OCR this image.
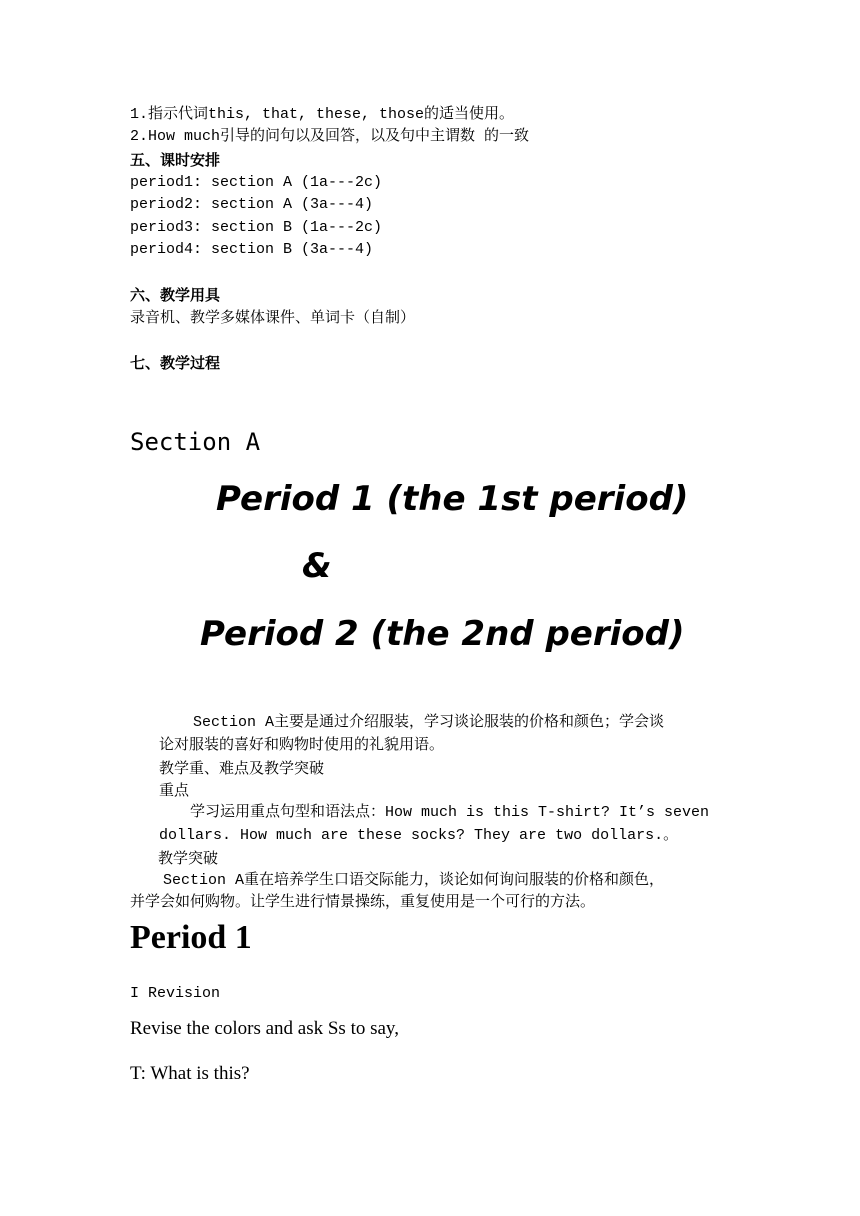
1.指示代词this, that, these, those的适当使用。
2.How much引导的问句以及回答，以及句中主谓数 的一致
五、课时安排
period1: section A (1a---2c)
period2: section A (3a---4)
period3: section B (1a---2c)
period4: section B (3a---4)
六、教学用具
录音机、教学多媒体课件、单词卡（自制）
七、教学过程
Section A
Period 1 (the 1st period)
&
Period 2 (the 2nd period)
Section A主要是通过介绍服装，学习谈论服装的价格和颜色；学会谈
论对服装的喜好和购物时使用的礼貌用语。
教学重、难点及教学突破
重点
学习运用重点句型和语法点：How much is this T-shirt? It’s seven
dollars. How much are these socks? They are two dollars.。
教学突破
Section A重在培养学生口语交际能力，谈论如何询问服装的价格和颜色，
并学会如何购物。让学生进行情景操练，重复使用是一个可行的方法。
Period 1
I Revision
Revise the colors and ask Ss to say,
T: What is this?
